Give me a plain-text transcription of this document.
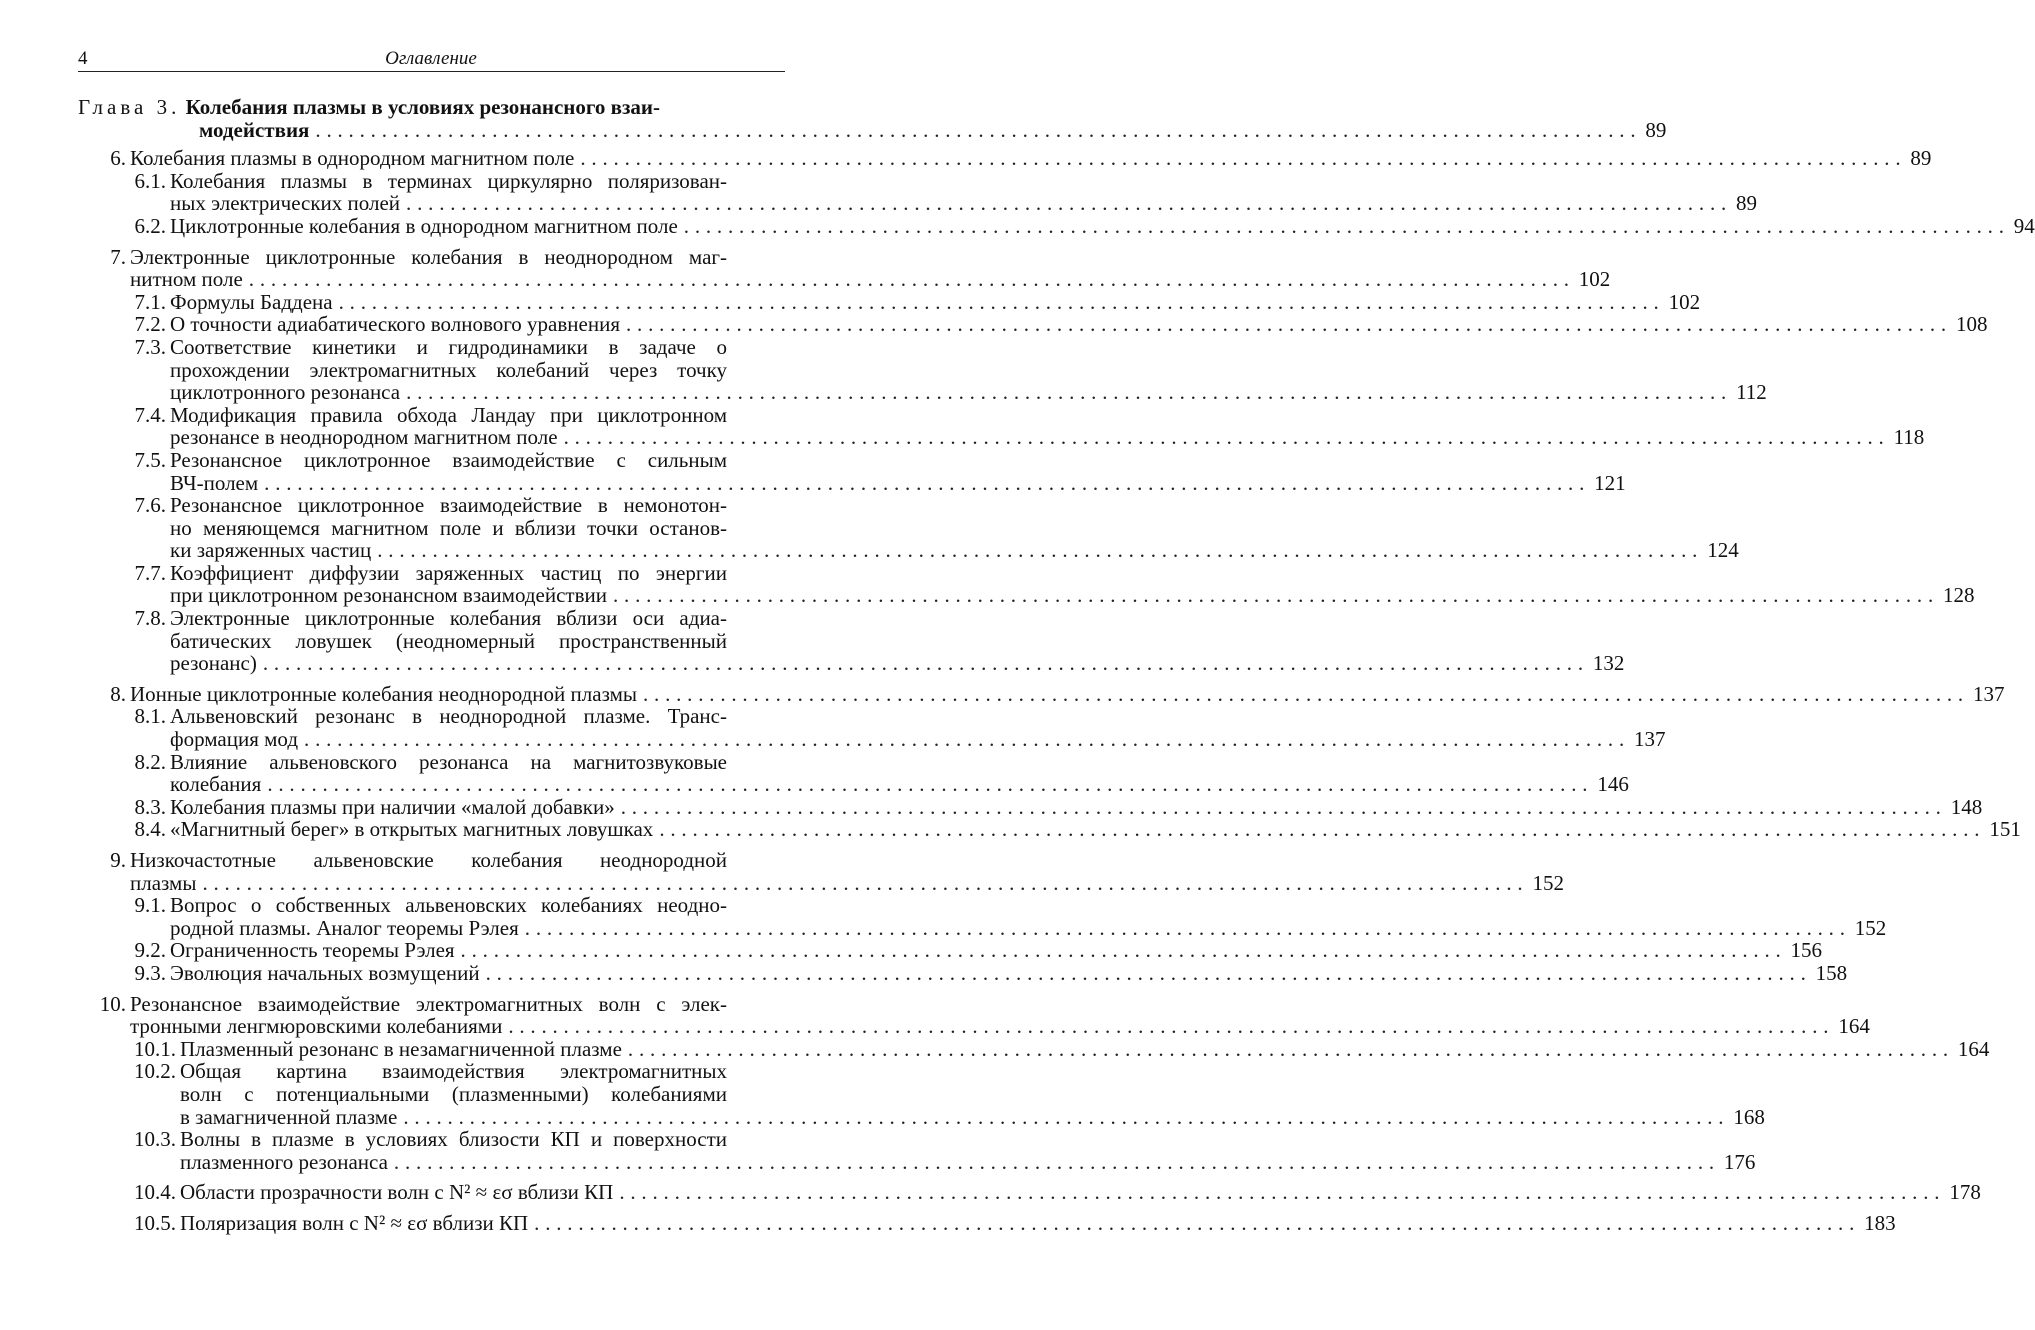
4	Оглавление
Глава 3. Колебания плазмы в условиях резонансного взаи-
модействия ........................................................................................................................ 89
6. Колебания плазмы в однородном магнитном поле ........................................................................................................................ 89
6.1. Колебания плазмы в терминах циркулярно поляризован-
ных электрических полей ........................................................................................................................ 89
6.2. Циклотронные колебания в однородном магнитном поле ........................................................................................................................ 94
7. Электронные циклотронные колебания в неоднородном маг-
нитном поле ........................................................................................................................ 102
7.1. Формулы Баддена ........................................................................................................................ 102
7.2. О точности адиабатического волнового уравнения ........................................................................................................................ 108
7.3. Соответствие кинетики и гидродинамики в задаче о
прохождении электромагнитных колебаний через точку
циклотронного резонанса ........................................................................................................................ 112
7.4. Модификация правила обхода Ландау при циклотронном
резонансе в неоднородном магнитном поле ........................................................................................................................ 118
7.5. Резонансное циклотронное взаимодействие с сильным
ВЧ-полем ........................................................................................................................ 121
7.6. Резонансное циклотронное взаимодействие в немонотон-
но меняющемся магнитном поле и вблизи точки останов-
ки заряженных частиц ........................................................................................................................ 124
7.7. Коэффициент диффузии заряженных частиц по энергии
при циклотронном резонансном взаимодействии ........................................................................................................................ 128
7.8. Электронные циклотронные колебания вблизи оси адиа-
батических ловушек (неодномерный пространственный
резонанс) ........................................................................................................................ 132
8. Ионные циклотронные колебания неоднородной плазмы ........................................................................................................................ 137
8.1. Альвеновский резонанс в неоднородной плазме. Транс-
формация мод ........................................................................................................................ 137
8.2. Влияние альвеновского резонанса на магнитозвуковые
колебания ........................................................................................................................ 146
8.3. Колебания плазмы при наличии «малой добавки» ........................................................................................................................ 148
8.4. «Магнитный берег» в открытых магнитных ловушках ........................................................................................................................ 151
9. Низкочастотные альвеновские колебания неоднородной
плазмы ........................................................................................................................ 152
9.1. Вопрос о собственных альвеновских колебаниях неодно-
родной плазмы. Аналог теоремы Рэлея ........................................................................................................................ 152
9.2. Ограниченность теоремы Рэлея ........................................................................................................................ 156
9.3. Эволюция начальных возмущений ........................................................................................................................ 158
10. Резонансное взаимодействие электромагнитных волн с элек-
тронными ленгмюровскими колебаниями ........................................................................................................................ 164
10.1. Плазменный резонанс в незамагниченной плазме ........................................................................................................................ 164
10.2. Общая картина взаимодействия электромагнитных
волн с потенциальными (плазменными) колебаниями
в замагниченной плазме ........................................................................................................................ 168
10.3. Волны в плазме в условиях близости КП и поверхности
плазменного резонанса ........................................................................................................................ 176
10.4. Области прозрачности волн с N² ≈ εσ вблизи КП ........................................................................................................................ 178
10.5. Поляризация волн с N² ≈ εσ вблизи КП ........................................................................................................................ 183
